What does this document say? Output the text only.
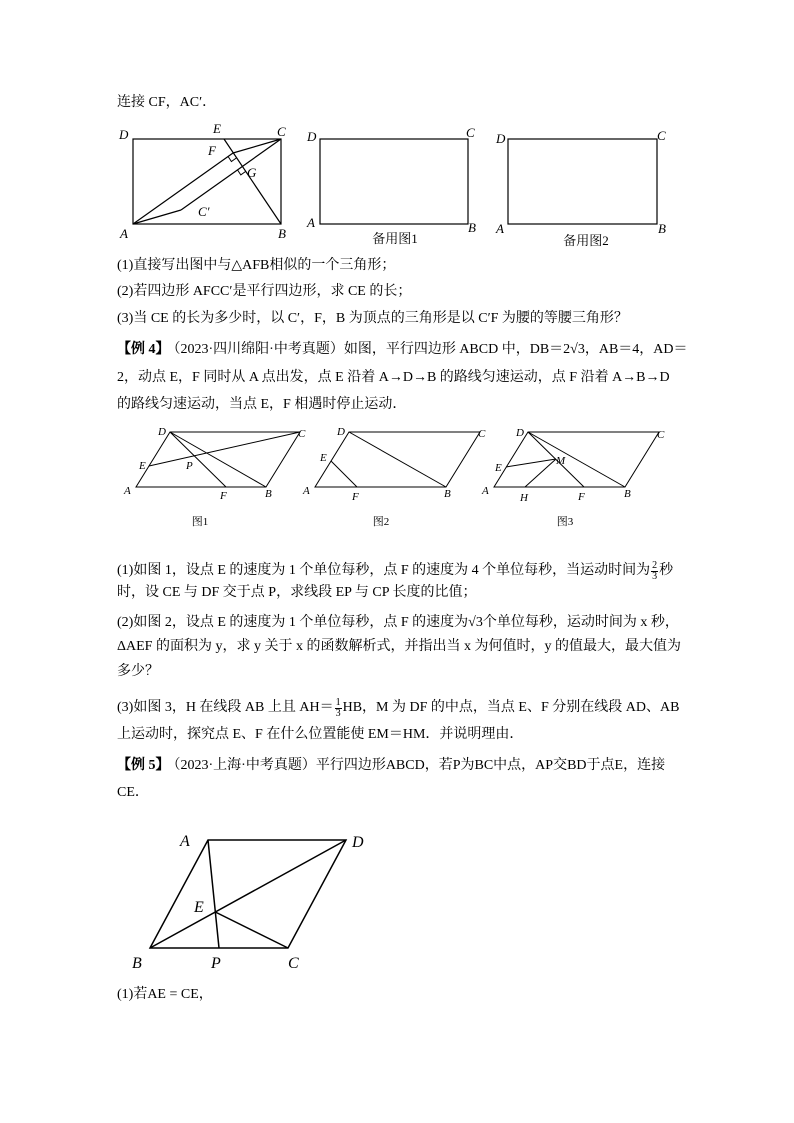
D	E	C
F
G
C′
A	B
D	C
A	B
备用图1
D	C
A	B
备用图2
D	C
A	B
E	P
F
图1
D	C
A	B
E
F
图2
D	C
A	B
E
M
H	F
图3
A	D
E
B	P	C
连接 CF，AC′．
(1)直接写出图中与△AFB相似的一个三角形；
(2)若四边形 AFCC′是平行四边形，求 CE 的长；
(3)当 CE 的长为多少时，以 C′，F，B 为顶点的三角形是以 C′F 为腰的等腰三角形？
【例 4】 （2023·四川绵阳·中考真题）如图，平行四边形 ABCD 中，DB＝2√3，AB＝4，AD＝
2，动点 E，F 同时从 A 点出发，点 E 沿着 A→D→B 的路线匀速运动，点 F 沿着 A→B→D
的路线匀速运动，当点 E，F 相遇时停止运动．
(1)如图 1，设点 E 的速度为 1 个单位每秒，点 F 的速度为 4 个单位每秒，当运动时间为 $\frac{2}{3}$ 秒
时，设 CE 与 DF 交于点 P，求线段 EP 与 CP 长度的比值；
(2)如图 2，设点 E 的速度为 1 个单位每秒，点 F 的速度为√3个单位每秒，运动时间为 x 秒，
ΔAEF 的面积为 y，求 y 关于 x 的函数解析式，并指出当 x 为何值时，y 的值最大，最大值为
多少？
(3)如图 3，H 在线段 AB 上且 $AH= \frac{1}{3}$ HB，M 为 DF 的中点，当点 E、F 分别在线段 AD、AB
上运动时，探究点 E、F 在什么位置能使 EM＝HM．并说明理由．
【例 5】 （2023·上海·中考真题）平行四边形ABCD，若P为BC中点，AP交BD于点E，连接
CE．
(1)若AE = CE，
